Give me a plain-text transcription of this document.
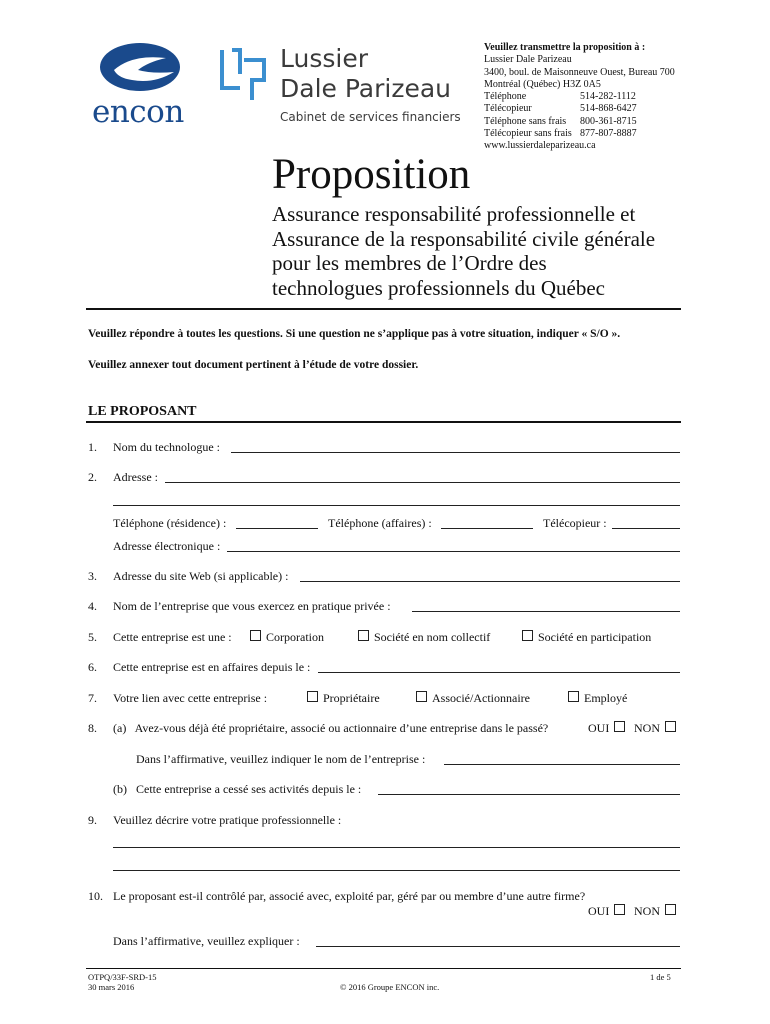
encon
Lussier
Dale Parizeau
Cabinet de services financiers
Veuillez transmettre la proposition à :
Lussier Dale Parizeau
3400, boul. de Maisonneuve Ouest, Bureau 700
Montréal (Québec) H3Z 0A5
Téléphone	514-282-1112
Télécopieur	514-868-6427
Téléphone sans frais 800-361-8715
Télécopieur sans frais 877-807-8887
www.lussierdaleparizeau.ca
Proposition
Assurance responsabilité professionnelle et
Assurance de la responsabilité civile générale
pour les membres de l’Ordre des
technologues professionnels du Québec
Veuillez répondre à toutes les questions. Si une question ne s’applique pas à votre situation, indiquer « S/O ».
Veuillez annexer tout document pertinent à l’étude de votre dossier.
LE PROPOSANT
1. Nom du technologue :
2. Adresse :
Téléphone (résidence) :	Téléphone (affaires) :	Télécopieur :
Adresse électronique :
3. Adresse du site Web (si applicable) :
4. Nom de l’entreprise que vous exercez en pratique privée :
5. Cette entreprise est une :	Corporation	Société en nom collectif	Société en participation
6. Cette entreprise est en affaires depuis le :
7. Votre lien avec cette entreprise :	Propriétaire	Associé/Actionnaire	Employé
8. (a)   Avez-vous déjà été propriétaire, associé ou actionnaire d’une entreprise dans le passé?	OUI NON
Dans l’affirmative, veuillez indiquer le nom de l’entreprise :
(b)   Cette entreprise a cessé ses activités depuis le :
9. Veuillez décrire votre pratique professionnelle :
10. Le proposant est-il contrôlé par, associé avec, exploité par, géré par ou membre d’une autre firme?
OUI NON
Dans l’affirmative, veuillez expliquer :
OTPQ/33F-SRD-15
30 mars 2016	© 2016 Groupe ENCON inc.
1 de 5
